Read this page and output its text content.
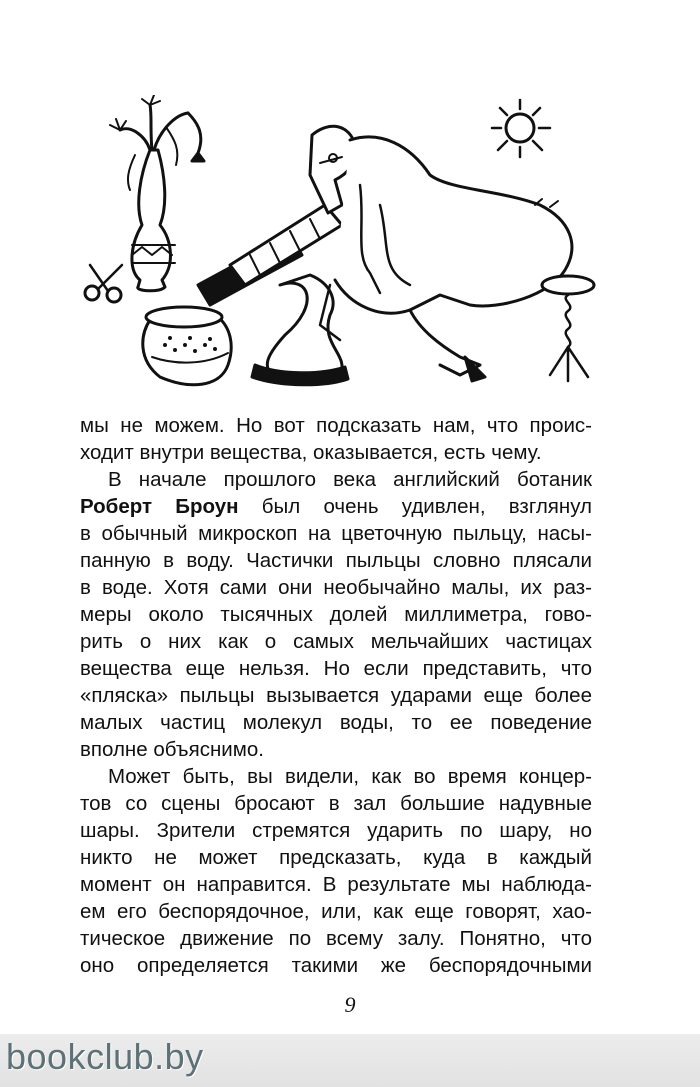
мы не можем. Но вот подсказать нам, что проис-
ходит внутри вещества, оказывается, есть чему.
В начале прошлого века английский ботаник
Роберт Броун был очень удивлен, взглянул
в обычный микроскоп на цветочную пыльцу, насы-
панную в воду. Частички пыльцы словно плясали
в воде. Хотя сами они необычайно малы, их раз-
меры около тысячных долей миллиметра, гово-
рить о них как о самых мельчайших частицах
вещества еще нельзя. Но если представить, что
«пляска» пыльцы вызывается ударами еще более
малых частиц молекул воды, то ее поведение
вполне объяснимо.
Может быть, вы видели, как во время концер-
тов со сцены бросают в зал большие надувные
шары. Зрители стремятся ударить по шару, но
никто не может предсказать, куда в каждый
момент он направится. В результате мы наблюда-
ем его беспорядочное, или, как еще говорят, хао-
тическое движение по всему залу. Понятно, что
оно определяется такими же беспорядочными
9
bookclub.by
